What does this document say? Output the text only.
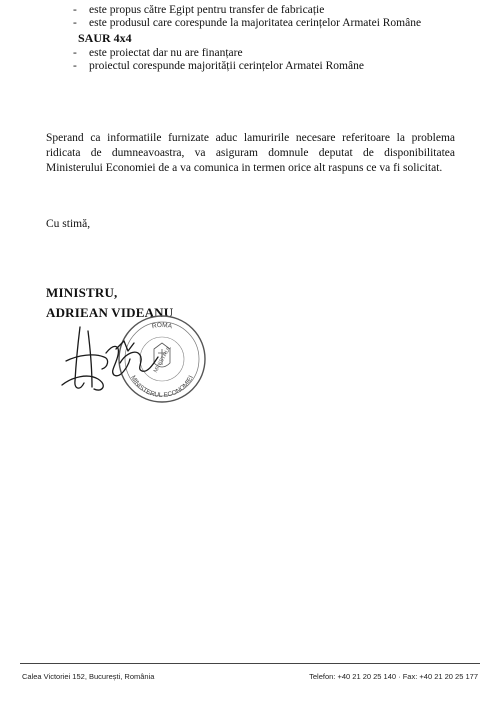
-	este propus către Egipt pentru transfer de fabricație
-	este produsul care corespunde la majoritatea cerințelor Armatei Române
SAUR 4x4
-	este proiectat dar nu are finanțare
-	proiectul corespunde majorității cerințelor Armatei Române
Sperand ca informatiile furnizate aduc lamuririle necesare referitoare la problema ridicata de dumneavoastra, va asiguram domnule deputat de disponibilitatea Ministerului Economiei de a va comunica in termen orice alt raspuns ce va fi solicitat.
Cu stimă,
MINISTRU,
ADRIEAN VIDEANU
ROMA
MINISTERUL ECONOMIEI
MINISTRUL
Calea Victoriei 152, București, România	Telefon: +40 21 20 25 140 · Fax: +40 21 20 25 177
